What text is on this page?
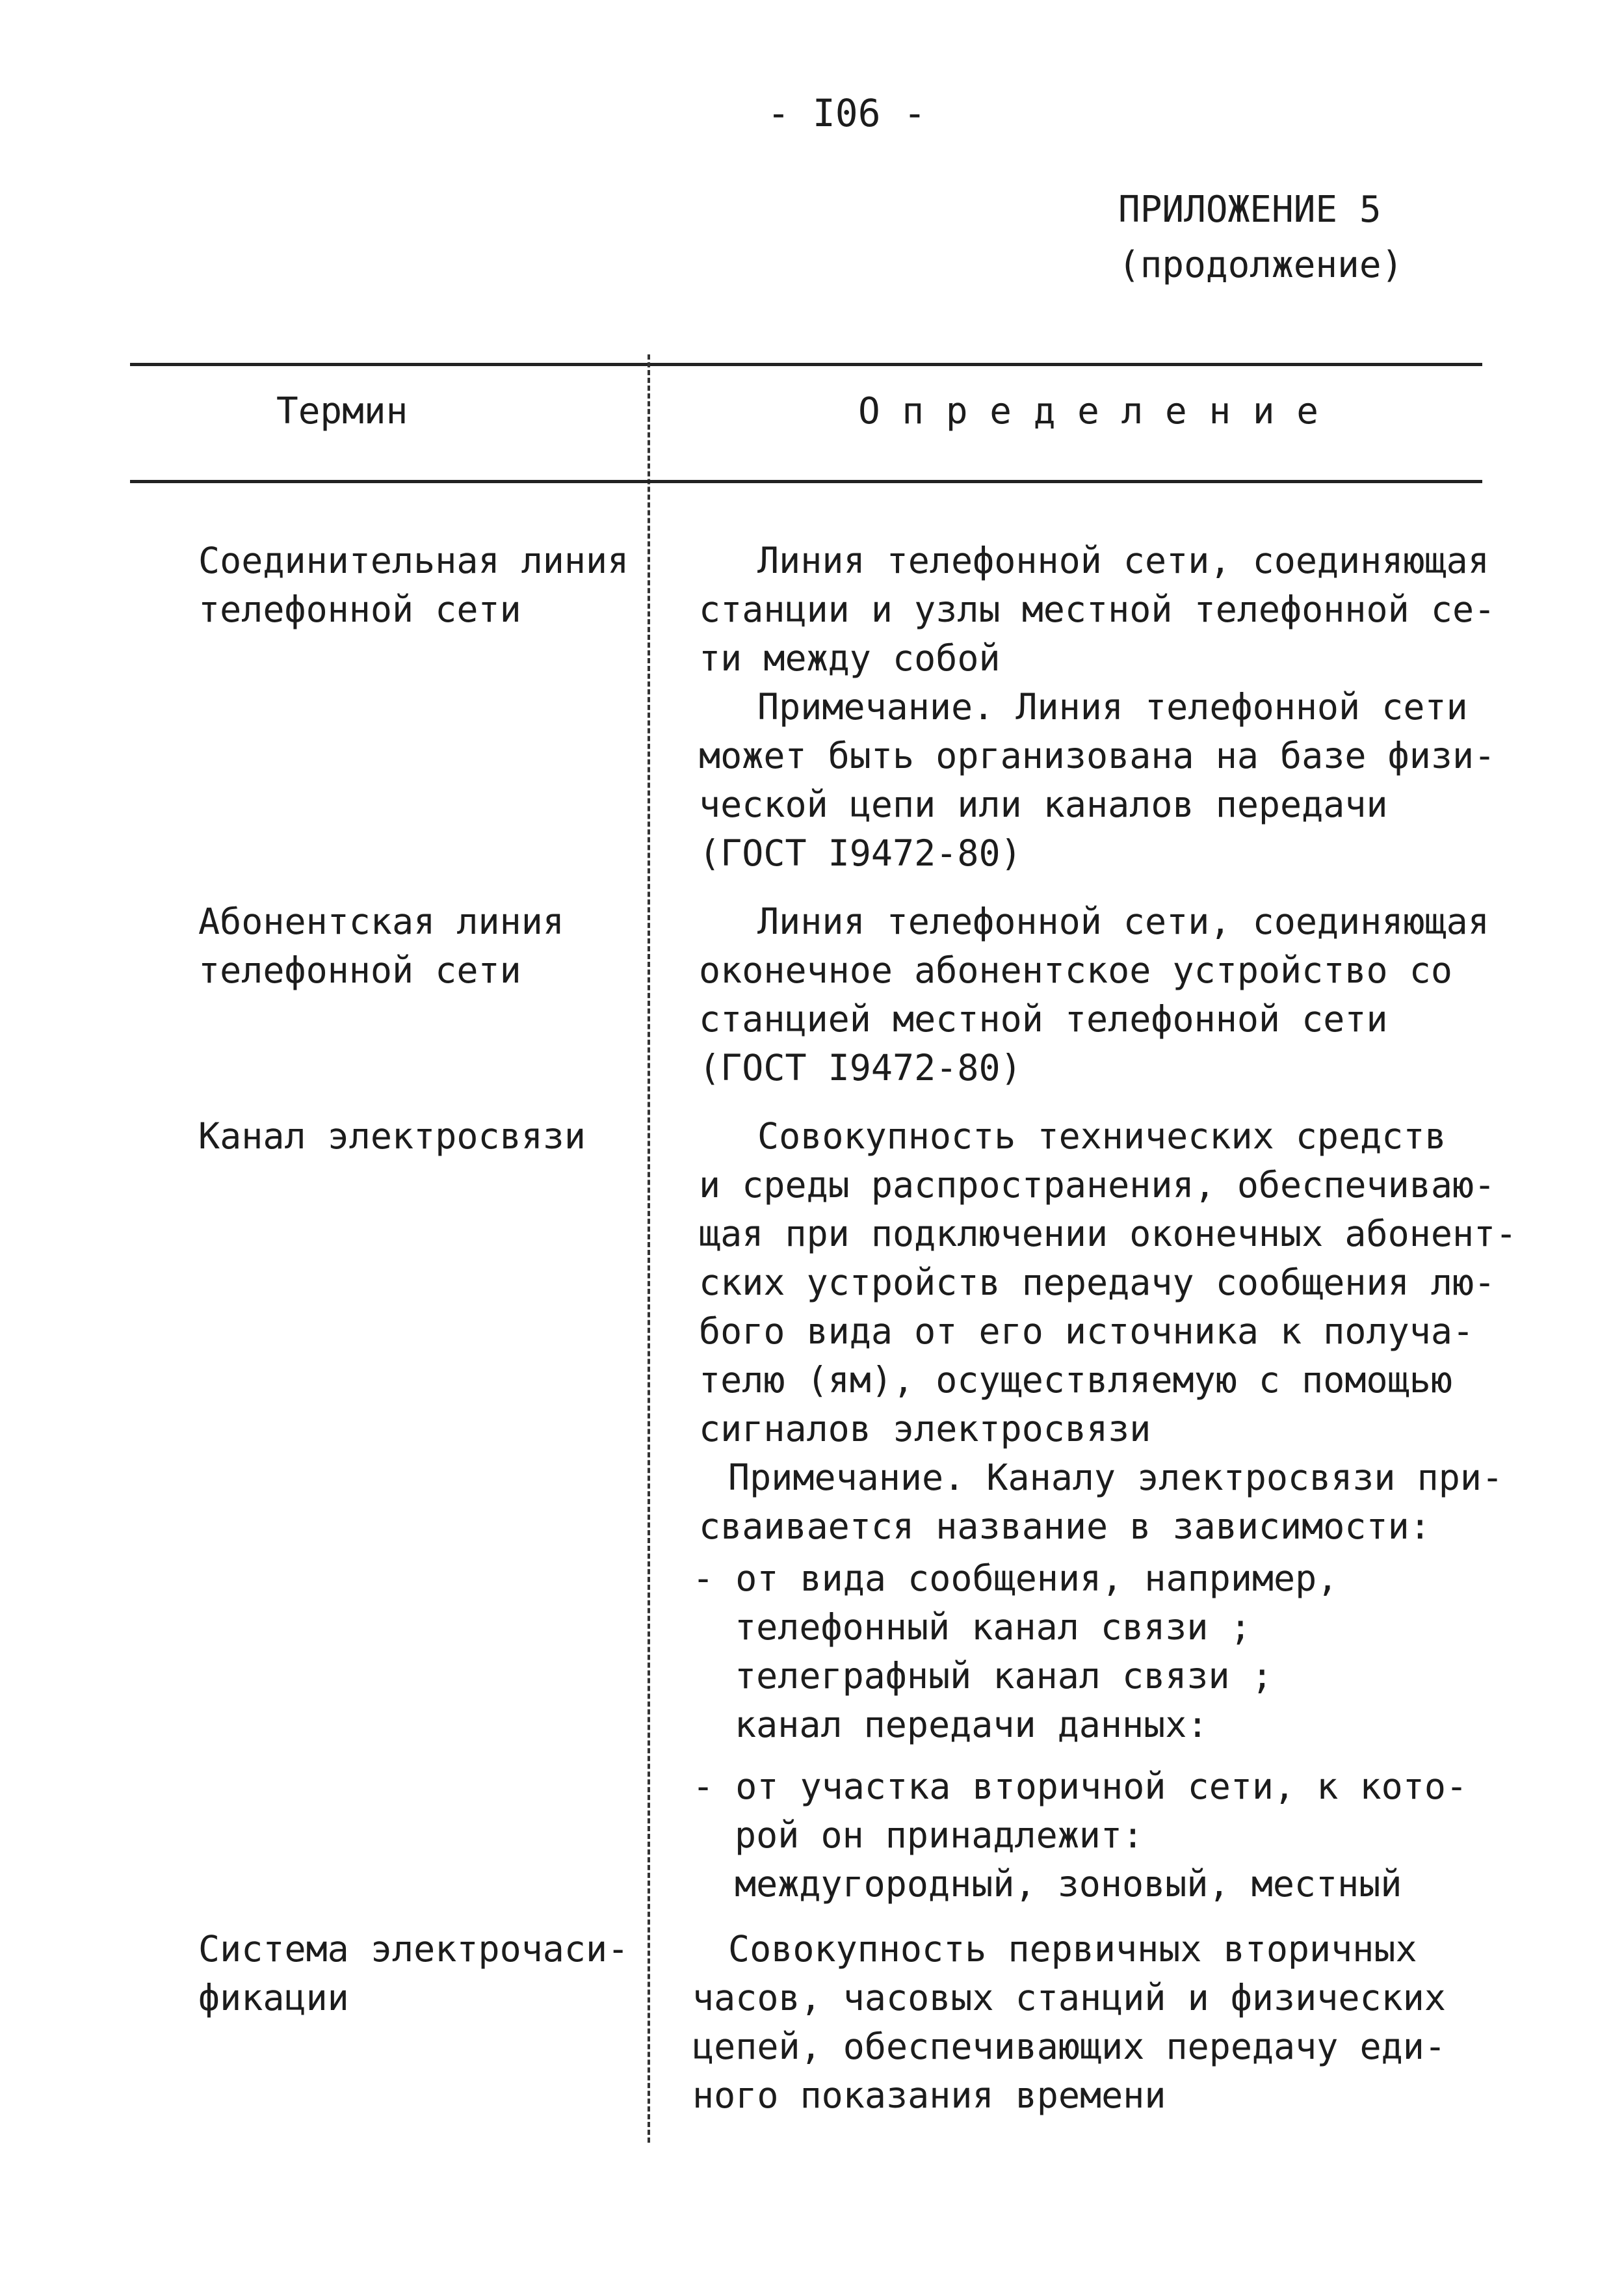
- I06 -
ПРИЛОЖЕНИЕ 5
(продолжение)
Термин	О п р е д е л е н и е
Соединительная линия
телефонной сети
Линия телефонной сети, соединяющая
станции и узлы местной телефонной се-
ти между собой
Примечание. Линия телефонной сети
может быть организована на базе физи-
ческой цепи или каналов передачи
(ГОСТ I9472-80)
Абонентская линия
телефонной сети
Линия телефонной сети, соединяющая
оконечное абонентское устройство со
станцией местной телефонной сети
(ГОСТ I9472-80)
Канал электросвязи	Совокупность технических средств
и среды распространения, обеспечиваю-
щая при подключении оконечных абонент-
ских устройств передачу сообщения лю-
бого вида от его источника к получа-
телю (ям), осуществляемую с помощью
сигналов электросвязи
Примечание. Каналу электросвязи при-
сваивается название в зависимости:
- от вида сообщения, например,
телефонный канал связи ;
телеграфный канал связи ;
канал передачи данных:
- от участка вторичной сети, к кото-
рой он принадлежит:
междугородный, зоновый, местный
Система электрочаси-
фикации
Совокупность первичных вторичных
часов, часовых станций и физических
цепей, обеспечивающих передачу еди-
ного показания времени
